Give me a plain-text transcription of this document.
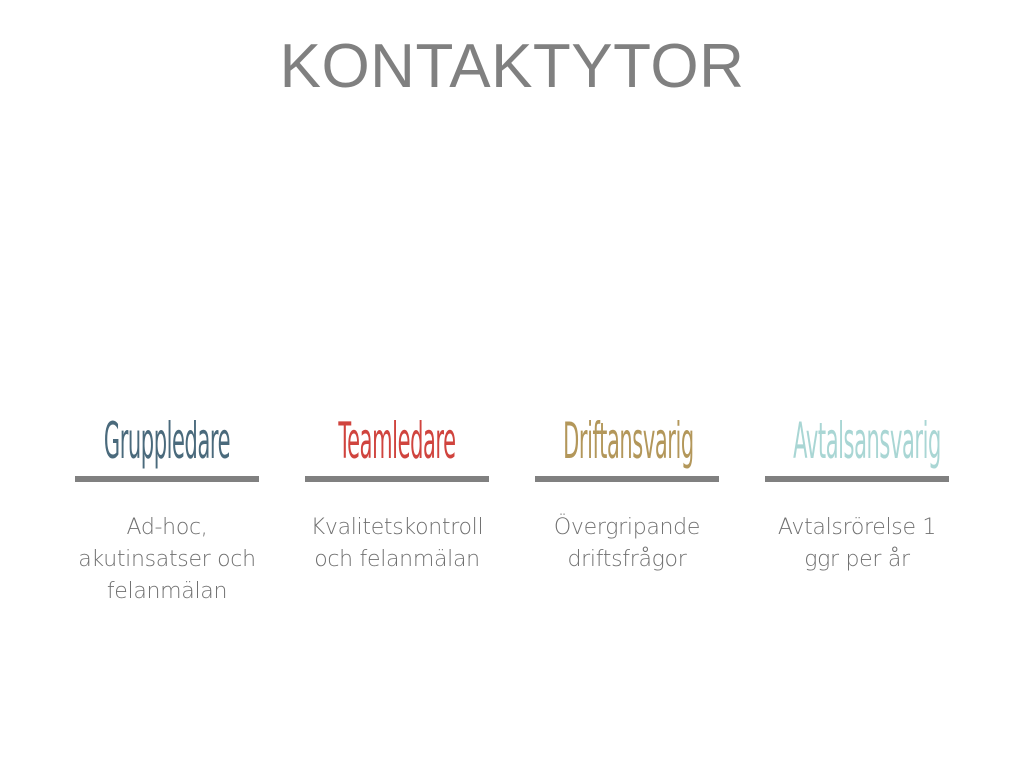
KONTAKTYTOR
Gruppledare
Ad-hoc,
akutinsatser och
felanmälan
Teamledare
Kvalitetskontroll
och felanmälan
Driftansvarig
Övergripande
driftsfrågor
Avtalsansvarig
Avtalsrörelse 1
ggr per år
